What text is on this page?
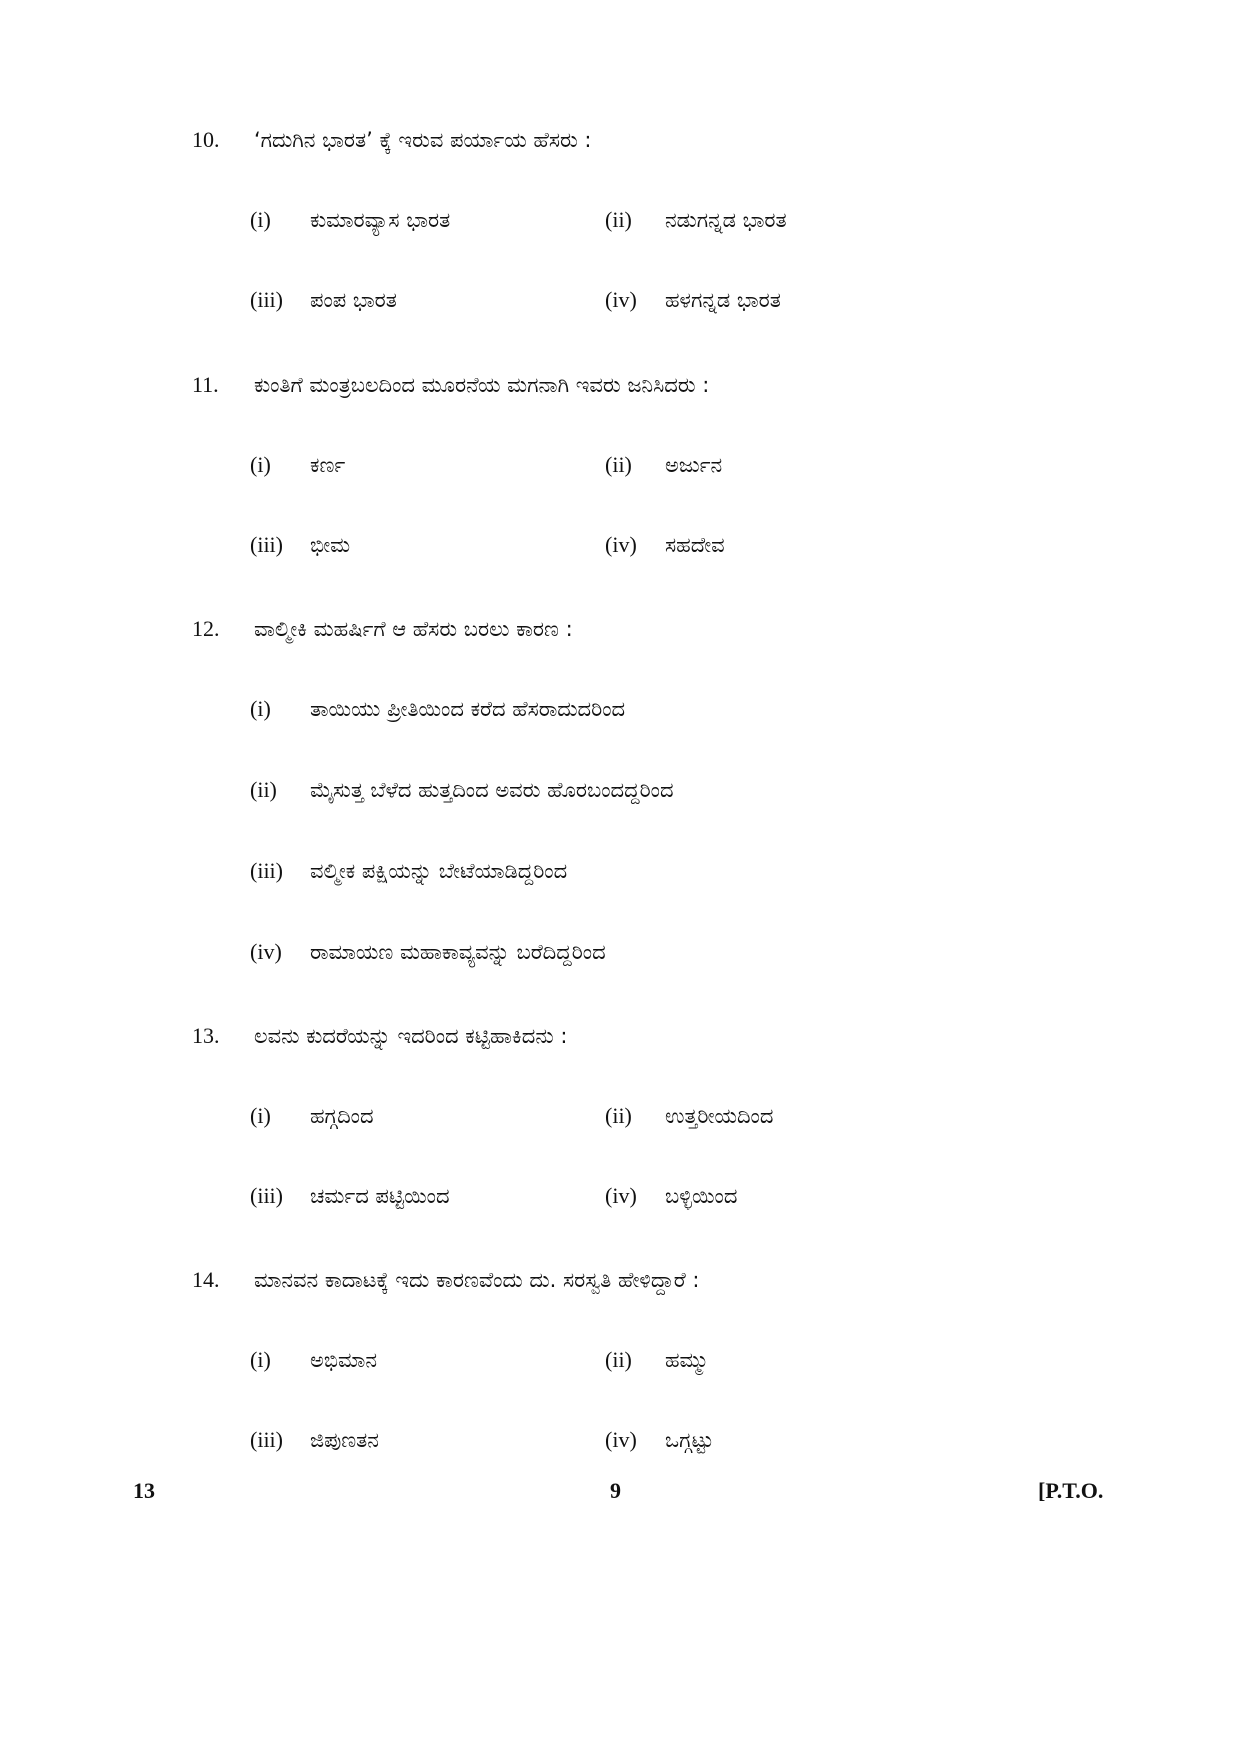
10. ‘ಗದುಗಿನ ಭಾರತ’ ಕ್ಕೆ ಇರುವ ಪರ್ಯಾಯ ಹೆಸರು :
(i) ಕುಮಾರವ್ಯಾಸ ಭಾರತ	(ii) ನಡುಗನ್ನಡ ಭಾರತ
(iii) ಪಂಪ ಭಾರತ	(iv) ಹಳಗನ್ನಡ ಭಾರತ
11. ಕುಂತಿಗೆ ಮಂತ್ರಬಲದಿಂದ ಮೂರನೆಯ ಮಗನಾಗಿ ಇವರು ಜನಿಸಿದರು :
(i) ಕರ್ಣ	(ii) ಅರ್ಜುನ
(iii) ಭೀಮ	(iv) ಸಹದೇವ
12. ವಾಲ್ಮೀಕಿ ಮಹರ್ಷಿಗೆ ಆ ಹೆಸರು ಬರಲು ಕಾರಣ :
(i) ತಾಯಿಯು ಪ್ರೀತಿಯಿಂದ ಕರೆದ ಹೆಸರಾದುದರಿಂದ
(ii) ಮೈಸುತ್ತ ಬೆಳೆದ ಹುತ್ತದಿಂದ ಅವರು ಹೊರಬಂದದ್ದರಿಂದ
(iii) ವಲ್ಮೀಕ ಪಕ್ಷಿಯನ್ನು ಬೇಟೆಯಾಡಿದ್ದರಿಂದ
(iv) ರಾಮಾಯಣ ಮಹಾಕಾವ್ಯವನ್ನು ಬರೆದಿದ್ದರಿಂದ
13. ಲವನು ಕುದರೆಯನ್ನು ಇದರಿಂದ ಕಟ್ಟಿಹಾಕಿದನು :
(i) ಹಗ್ಗದಿಂದ	(ii) ಉತ್ತರೀಯದಿಂದ
(iii) ಚರ್ಮದ ಪಟ್ಟಿಯಿಂದ	(iv) ಬಳ್ಳಿಯಿಂದ
14. ಮಾನವನ ಕಾದಾಟಕ್ಕೆ ಇದು ಕಾರಣವೆಂದು ದು. ಸರಸ್ವತಿ ಹೇಳಿದ್ದಾರೆ :
(i) ಅಭಿಮಾನ	(ii) ಹಮ್ಮು
(iii) ಜಿಪುಣತನ	(iv) ಒಗ್ಗಟ್ಟು
13	9	[P.T.O.
